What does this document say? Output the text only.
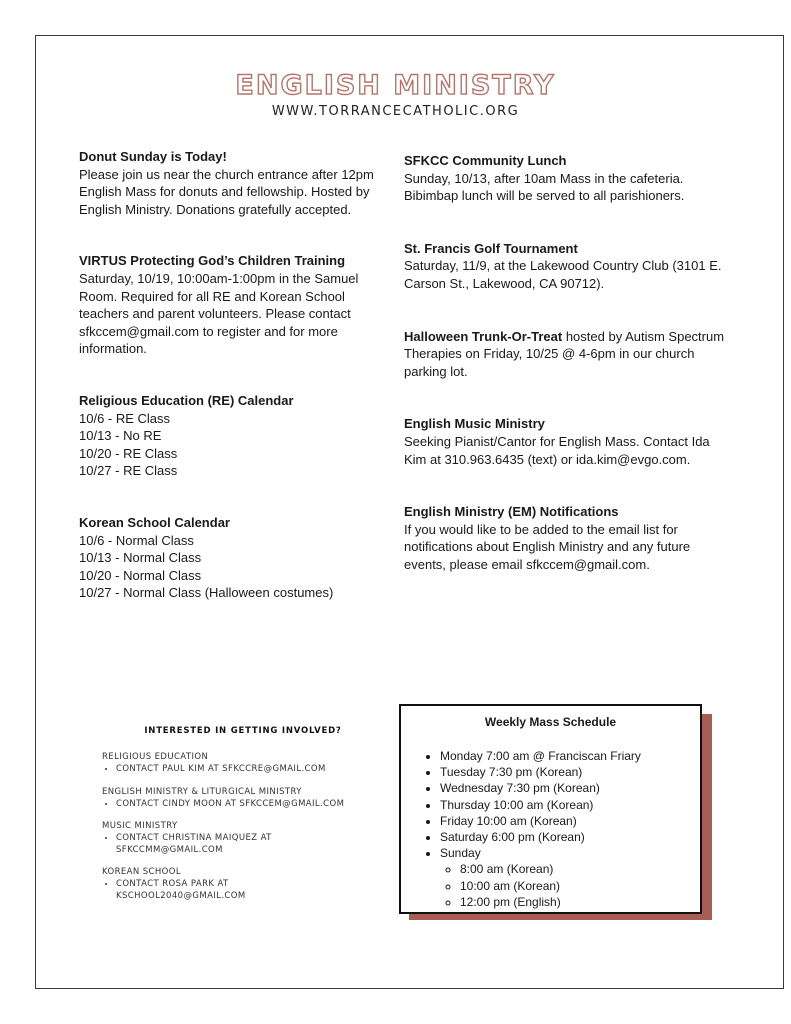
ENGLISH MINISTRY
WWW.TORRANCECATHOLIC.ORG
Donut Sunday is Today!

Please join us near the church entrance after 12pm
English Mass for donuts and fellowship. Hosted by
English Ministry. Donations gratefully accepted.

VIRTUS Protecting God’s Children Training

Saturday, 10/19, 10:00am-1:00pm in the Samuel
Room. Required for all RE and Korean School
teachers and parent volunteers. Please contact
sfkccem@gmail.com to register and for more
information.

Religious Education (RE) Calendar

10/6 - RE Class
10/13 - No RE
10/20 - RE Class
10/27 - RE Class

Korean School Calendar

10/6 - Normal Class
10/13 - Normal Class
10/20 - Normal Class
10/27 - Normal Class (Halloween costumes)

SFKCC Community Lunch

Sunday, 10/13, after 10am Mass in the cafeteria.
Bibimbap lunch will be served to all parishioners.

St. Francis Golf Tournament

Saturday, 11/9, at the Lakewood Country Club (3101 E.
Carson St., Lakewood, CA 90712).

Halloween Trunk-Or-Treat hosted by Autism Spectrum
Therapies on Friday, 10/25 @ 4-6pm in our church
parking lot.

English Music Ministry

Seeking Pianist/Cantor for English Mass. Contact Ida
Kim at 310.963.6435 (text) or ida.kim@evgo.com.

English Ministry (EM) Notifications

If you would like to be added to the email list for
notifications about English Ministry and any future
events, please email sfkccem@gmail.com.

INTERESTED IN GETTING INVOLVED?
RELIGIOUS EDUCATION
• CONTACT PAUL KIM AT SFKCCRE@GMAIL.COM
ENGLISH MINISTRY & LITURGICAL MINISTRY
• CONTACT CINDY MOON AT SFKCCEM@GMAIL.COM
MUSIC MINISTRY
• CONTACT CHRISTINA MAIQUEZ AT
SFKCCMM@GMAIL.COM
KOREAN SCHOOL
• CONTACT ROSA PARK AT
KSCHOOL2040@GMAIL.COM
Weekly Mass Schedule
• Monday 7:00 am @ Franciscan Friary
• Tuesday 7:30 pm (Korean)
• Wednesday 7:30 pm (Korean)
• Thursday 10:00 am (Korean)
• Friday 10:00 am (Korean)
• Saturday 6:00 pm (Korean)
• Sunday
◦ 8:00 am (Korean)
◦ 10:00 am (Korean)
◦ 12:00 pm (English)
